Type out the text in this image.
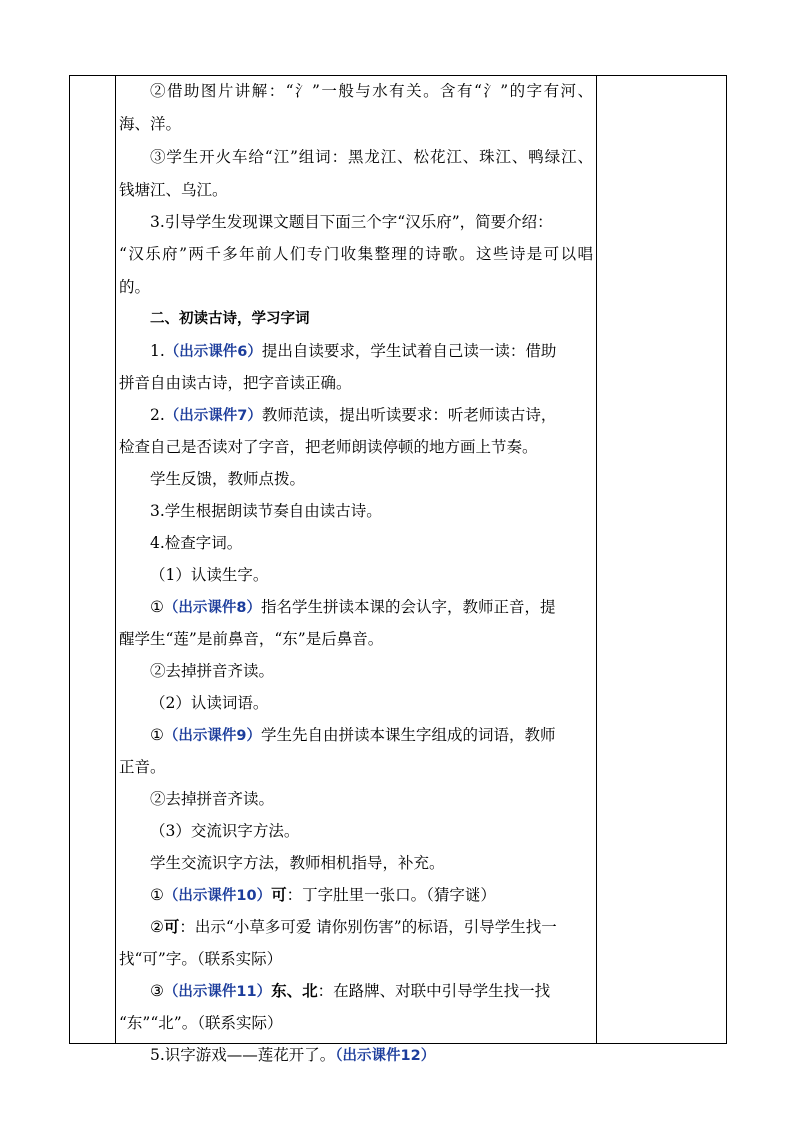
②借助图片讲解：“氵”一般与水有关。含有“氵”的字有河、
海、洋。
③学生开火车给“江”组词：黑龙江、松花江、珠江、鸭绿江、
钱塘江、乌江。
3.引导学生发现课文题目下面三个字“汉乐府”，简要介绍：
“汉乐府”两千多年前人们专门收集整理的诗歌。这些诗是可以唱
的。
二、初读古诗，学习字词
1.（出示课件6）提出自读要求，学生试着自己读一读：借助
拼音自由读古诗，把字音读正确。
2.（出示课件7）教师范读，提出听读要求：听老师读古诗，
检查自己是否读对了字音，把老师朗读停顿的地方画上节奏。
学生反馈，教师点拨。
3.学生根据朗读节奏自由读古诗。
4.检查字词。
（1）认读生字。
①（出示课件8）指名学生拼读本课的会认字，教师正音，提
醒学生“莲”是前鼻音，“东”是后鼻音。
②去掉拼音齐读。
（2）认读词语。
①（出示课件9）学生先自由拼读本课生字组成的词语，教师
正音。
②去掉拼音齐读。
（3）交流识字方法。
学生交流识字方法，教师相机指导，补充。
①（出示课件10）可：丁字肚里一张口。（猜字谜）
②可：出示“小草多可爱 请你别伤害”的标语，引导学生找一
找“可”字。（联系实际）
③（出示课件11）东、北：在路牌、对联中引导学生找一找
“东”“北”。（联系实际）
5.识字游戏——莲花开了。（出示课件12）
